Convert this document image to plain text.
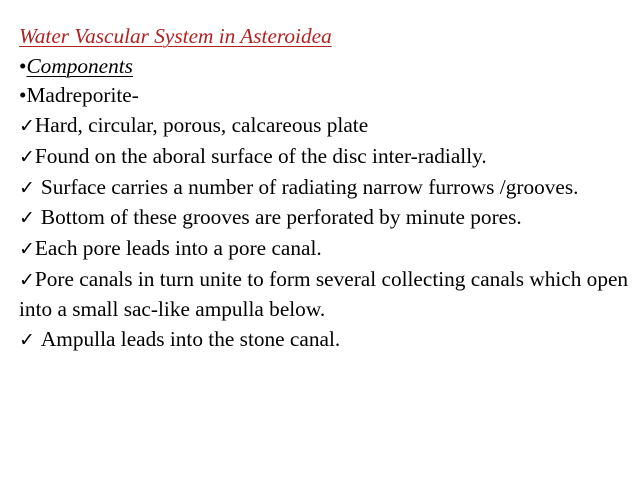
Water Vascular System in Asteroidea
•Components
•Madreporite-
✓Hard, circular, porous, calcareous plate
✓Found on the aboral surface of the disc inter-radially.
✓ Surface carries a number of radiating narrow furrows /grooves.
✓ Bottom of these grooves are perforated by minute pores.
✓Each pore leads into a pore canal.
✓Pore canals in turn unite to form several collecting canals which open into a small sac-like ampulla below.
✓ Ampulla leads into the stone canal.
